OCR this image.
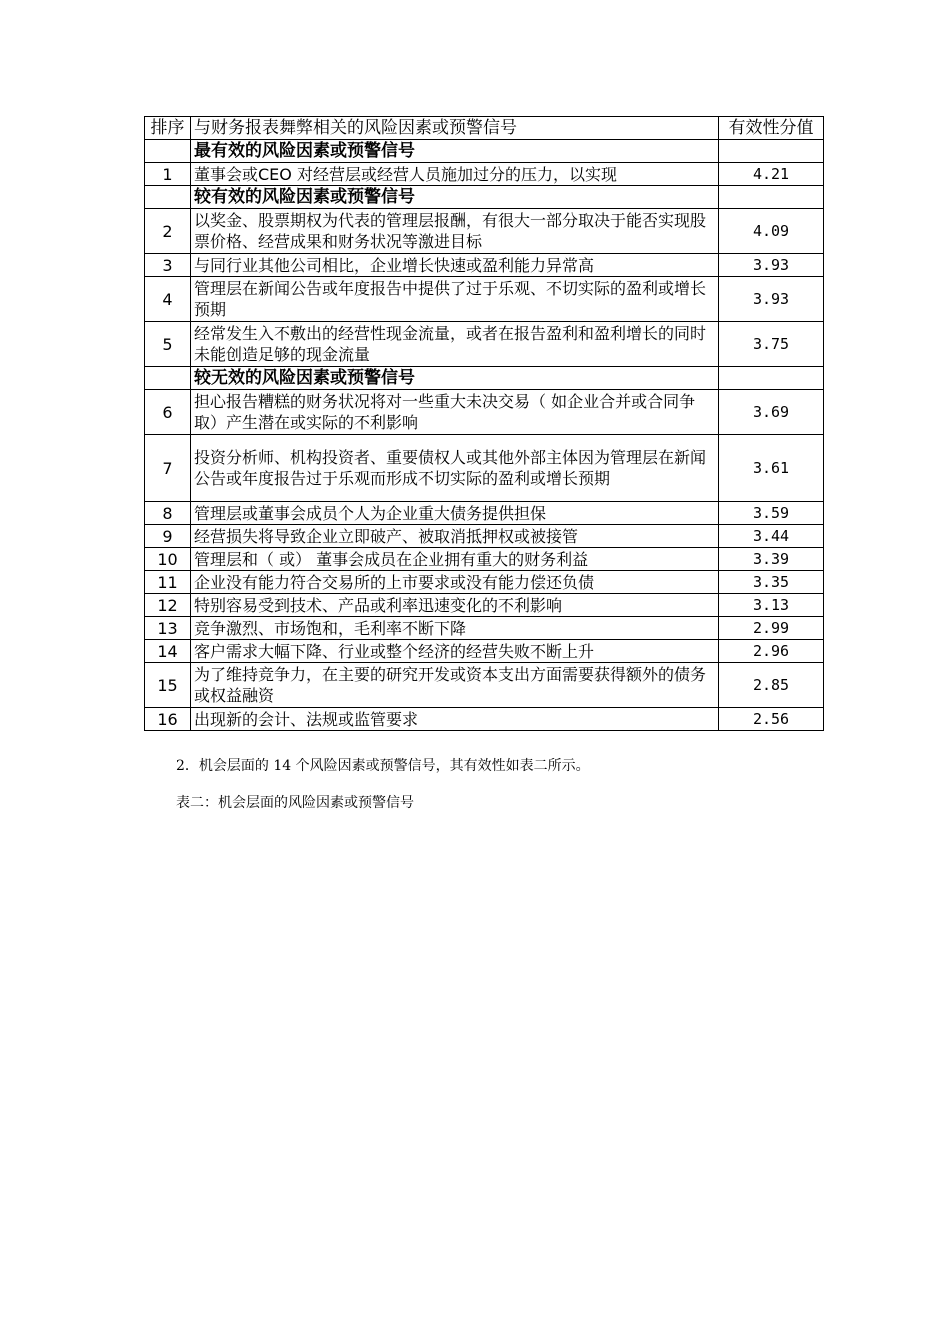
排序	与财务报表舞弊相关的风险因素或预警信号	有效性分值
	最有效的风险因素或预警信号	
1	董事会或CEO 对经营层或经营人员施加过分的压力，以实现	4.21
	较有效的风险因素或预警信号	
2	以奖金、股票期权为代表的管理层报酬，有很大一部分取决于能否实现股票价格、经营成果和财务状况等激进目标	4.09
3	与同行业其他公司相比，企业增长快速或盈利能力异常高	3.93
4	管理层在新闻公告或年度报告中提供了过于乐观、不切实际的盈利或增长预期	3.93
5	经常发生入不敷出的经营性现金流量，或者在报告盈利和盈利增长的同时未能创造足够的现金流量	3.75
	较无效的风险因素或预警信号	
6	担心报告糟糕的财务状况将对一些重大未决交易（ 如企业合并或合同争取）产生潜在或实际的不利影响	3.69
7	投资分析师、机构投资者、重要债权人或其他外部主体因为管理层在新闻公告或年度报告过于乐观而形成不切实际的盈利或增长预期	3.61
8	管理层或董事会成员个人为企业重大债务提供担保	3.59
9	经营损失将导致企业立即破产、被取消抵押权或被接管	3.44
10	管理层和（ 或） 董事会成员在企业拥有重大的财务利益	3.39
11	企业没有能力符合交易所的上市要求或没有能力偿还负债	3.35
12	特别容易受到技术、产品或利率迅速变化的不利影响	3.13
13	竞争激烈、市场饱和，毛利率不断下降	2.99
14	客户需求大幅下降、行业或整个经济的经营失败不断上升	2.96
15	为了维持竞争力，在主要的研究开发或资本支出方面需要获得额外的债务或权益融资	2.85
16	出现新的会计、法规或监管要求	2.56
2．机会层面的 14 个风险因素或预警信号，其有效性如表二所示。
表二：机会层面的风险因素或预警信号
